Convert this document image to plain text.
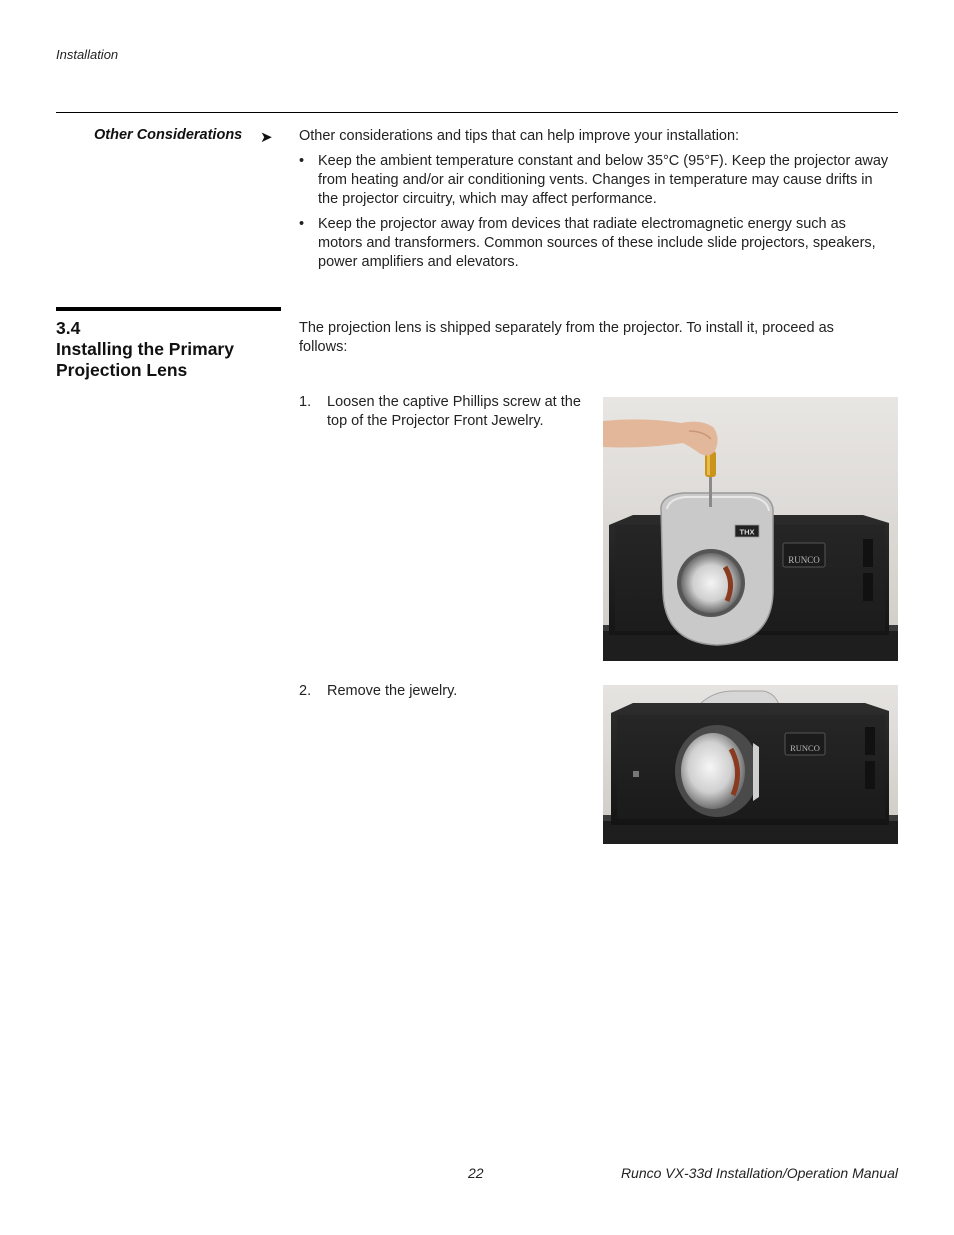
Installation
Other Considerations ➤ Other considerations and tips that can help improve your installation:
• Keep the ambient temperature constant and below 35°C (95°F). Keep the projector away from heating and/or air conditioning vents. Changes in temperature may cause drifts in the projector circuitry, which may affect performance.
• Keep the projector away from devices that radiate electromagnetic energy such as motors and transformers. Common sources of these include slide projectors, speakers, power amplifiers and elevators.
3.4
Installing the Primary
Projection Lens
The projection lens is shipped separately from the projector. To install it, proceed as follows:
1. Loosen the captive Phillips screw at the top of the Projector Front Jewelry.
RUNCO
THX
2. Remove the jewelry.
RUNCO
22	Runco VX-33d Installation/Operation Manual
